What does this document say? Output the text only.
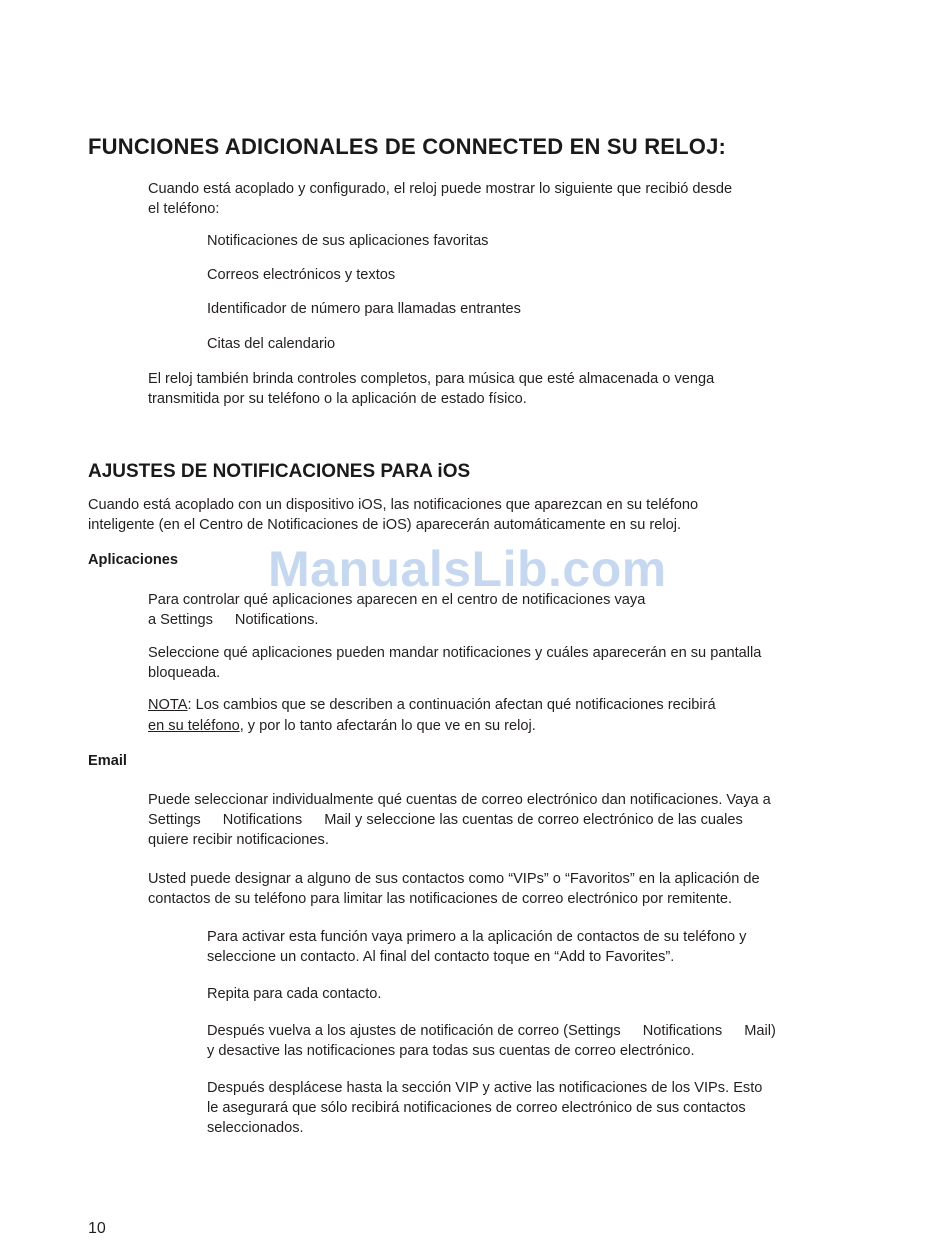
FUNCIONES ADICIONALES DE CONNECTED EN SU RELOJ:
Cuando está acoplado y configurado, el reloj puede mostrar lo siguiente que recibió desde
el teléfono:
Notificaciones de sus aplicaciones favoritas
Correos electrónicos y textos
Identificador de número para llamadas entrantes
Citas del calendario
El reloj también brinda controles completos, para música que esté almacenada o venga
transmitida por su teléfono o la aplicación de estado físico.
AJUSTES DE NOTIFICACIONES PARA iOS
Cuando está acoplado con un dispositivo iOS, las notificaciones que aparezcan en su teléfono
inteligente (en el Centro de Notificaciones de iOS) aparecerán automáticamente en su reloj.
Aplicaciones ManualsLib.com
Para controlar qué aplicaciones aparecen en el centro de notificaciones vaya
a Settings Notifications.
Seleccione qué aplicaciones pueden mandar notificaciones y cuáles aparecerán en su pantalla
bloqueada.
NOTA: Los cambios que se describen a continuación afectan qué notificaciones recibirá
en su teléfono, y por lo tanto afectarán lo que ve en su reloj.
Email
Puede seleccionar individualmente qué cuentas de correo electrónico dan notificaciones. Vaya a
Settings Notifications Mail y seleccione las cuentas de correo electrónico de las cuales
quiere recibir notificaciones.
Usted puede designar a alguno de sus contactos como “VIPs” o “Favoritos” en la aplicación de
contactos de su teléfono para limitar las notificaciones de correo electrónico por remitente.
Para activar esta función vaya primero a la aplicación de contactos de su teléfono y
seleccione un contacto. Al final del contacto toque en “Add to Favorites”.
Repita para cada contacto.
Después vuelva a los ajustes de notificación de correo (Settings Notifications Mail)
y desactive las notificaciones para todas sus cuentas de correo electrónico.
Después desplácese hasta la sección VIP y active las notificaciones de los VIPs. Esto
le asegurará que sólo recibirá notificaciones de correo electrónico de sus contactos
seleccionados.
10
